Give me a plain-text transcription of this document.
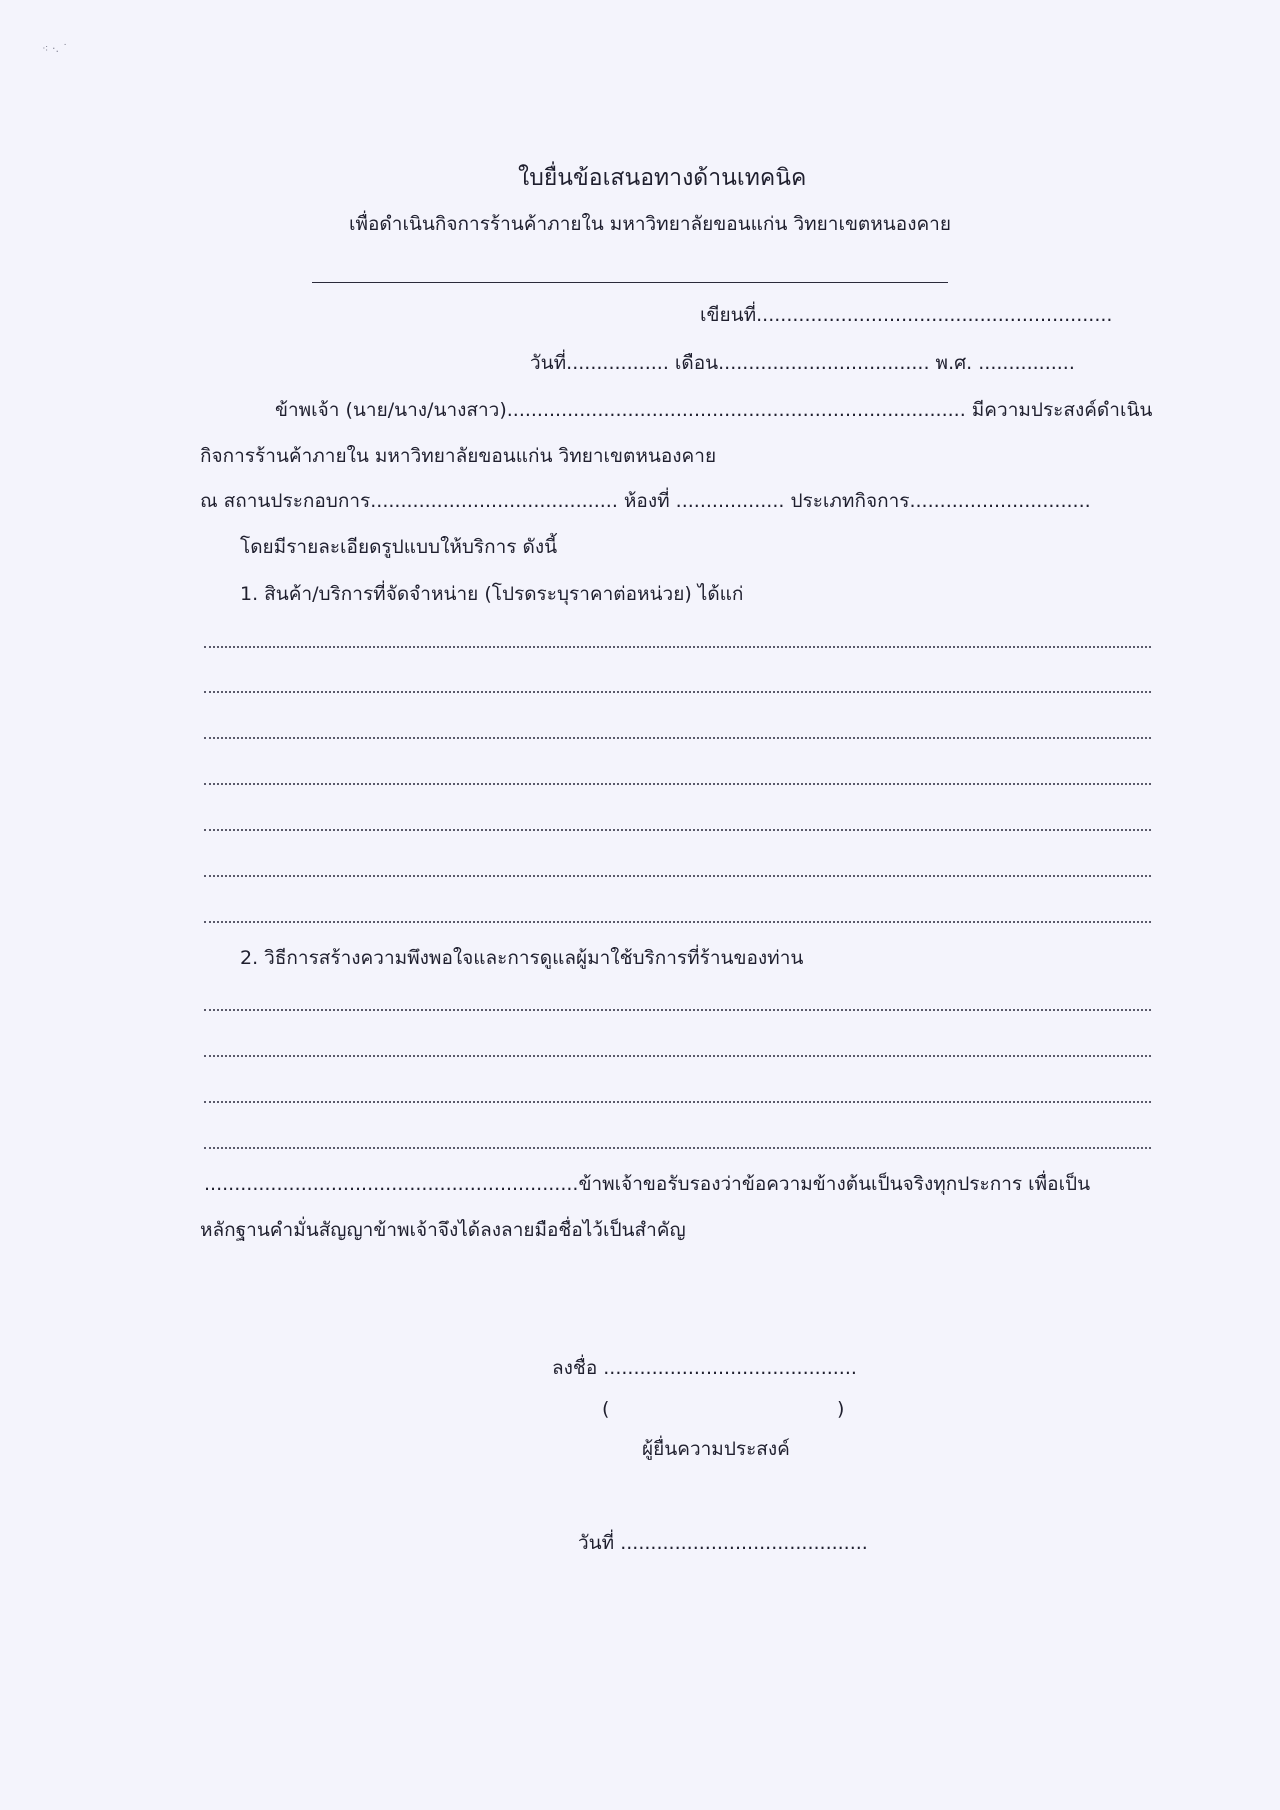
⁖ ·. ˙
ใบยื่นข้อเสนอทางด้านเทคนิค
เพื่อดำเนินกิจการร้านค้าภายใน มหาวิทยาลัยขอนแก่น วิทยาเขตหนองคาย
เขียนที่...........................................................
วันที่................. เดือน................................... พ.ศ. ................
ข้าพเจ้า (นาย/นาง/นางสาว)............................................................................ มีความประสงค์ดำเนิน
กิจการร้านค้าภายใน มหาวิทยาลัยขอนแก่น วิทยาเขตหนองคาย
ณ สถานประกอบการ......................................... ห้องที่ .................. ประเภทกิจการ..............................
โดยมีรายละเอียดรูปแบบให้บริการ ดังนี้
1. สินค้า/บริการที่จัดจำหน่าย (โปรดระบุราคาต่อหน่วย) ได้แก่
2. วิธีการสร้างความพึงพอใจและการดูแลผู้มาใช้บริการที่ร้านของท่าน
..............................................................ข้าพเจ้าขอรับรองว่าข้อความข้างต้นเป็นจริงทุกประการ เพื่อเป็น
หลักฐานคำมั่นสัญญาข้าพเจ้าจึงได้ลงลายมือชื่อไว้เป็นสำคัญ
ลงชื่อ ..........................................
(	)
ผู้ยื่นความประสงค์
วันที่ .........................................
